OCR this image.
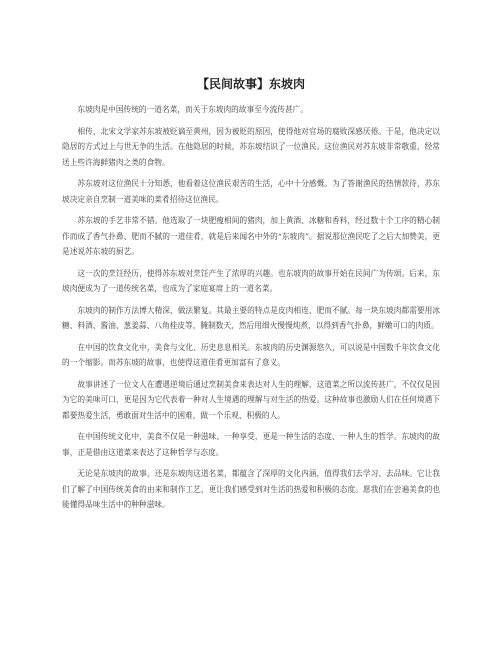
【民间故事】东坡肉

东坡肉是中国传统的一道名菜，而关于东坡肉的故事至今流传甚广。

相传，北宋文学家苏东坡被贬谪至黄州，因为被贬的原因，使得他对官场的腐败深感厌倦。于是，他决定以隐居的方式过上与世无争的生活。在他隐居的时候，苏东坡结识了一位渔民。这位渔民对苏东坡非常敬重，经常送上些许海鲜猪肉之类的食物。

苏东坡对这位渔民十分知悉，他看着这位渔民艰苦的生活，心中十分感慨。为了答谢渔民的热情款待，苏东坡决定亲自烹制一道美味的菜肴招待这位渔民。

苏东坡的手艺非常不错。他选取了一块肥瘦相间的猪肉，加上黄酒、冰糖和香料，经过数十个工序的精心制作而成了香气扑鼻、肥而不腻的一道佳肴，就是后来闻名中外的“东坡肉”。据说那位渔民吃了之后大加赞美，更是述说苏东坡的厨艺。

这一次的烹饪经历，使得苏东坡对烹饪产生了浓厚的兴趣。也东坡肉的故事开始在民间广为传颂。后来，东坡肉便成为了一道传统名菜，也成为了家庭宴席上的一道名菜。

东坡肉的制作方法博大精深，做法繁复。其最主要的特点是皮肉相连、肥而不腻。每一块东坡肉都需要用冰糖、料酒、酱油、葱姜蒜、八角桂皮等，腌制数天，然后用细火慢慢炖煮，以得到香气扑鼻，鲜嫩可口的肉质。

在中国的饮食文化中，美食与文化、历史息息相关。东坡肉的历史渊源悠久，可以说是中国数千年饮食文化的一个缩影。而苏东坡的故事，也使得这道佳肴更加富有了意义。

故事讲述了一位文人在遭遇逆境后通过烹制美食来表达对人生的理解，这道菜之所以流传甚广，不仅仅是因为它的美味可口，更是因为它代表着一种对人生境遇的理解与对生活的热爱。这种故事也激励人们在任何境遇下都要热爱生活，勇敢面对生活中的困难，做一个乐观、积极的人。

在中国传统文化中，美食不仅是一种滋味、一种享受，更是一种生活的态度、一种人生的哲学。东坡肉的故事，正是借由这道菜来表达了这种哲学与态度。

无论是东坡肉的故事，还是东坡肉这道名菜，都蕴含了深厚的文化内涵，值得我们去学习、去品味。它让我们了解了中国传统美食的由来和制作工艺，更让我们感受到对生活的热爱和积极的态度。愿我们在尝遍美食的也能懂得品味生活中的种种滋味。
